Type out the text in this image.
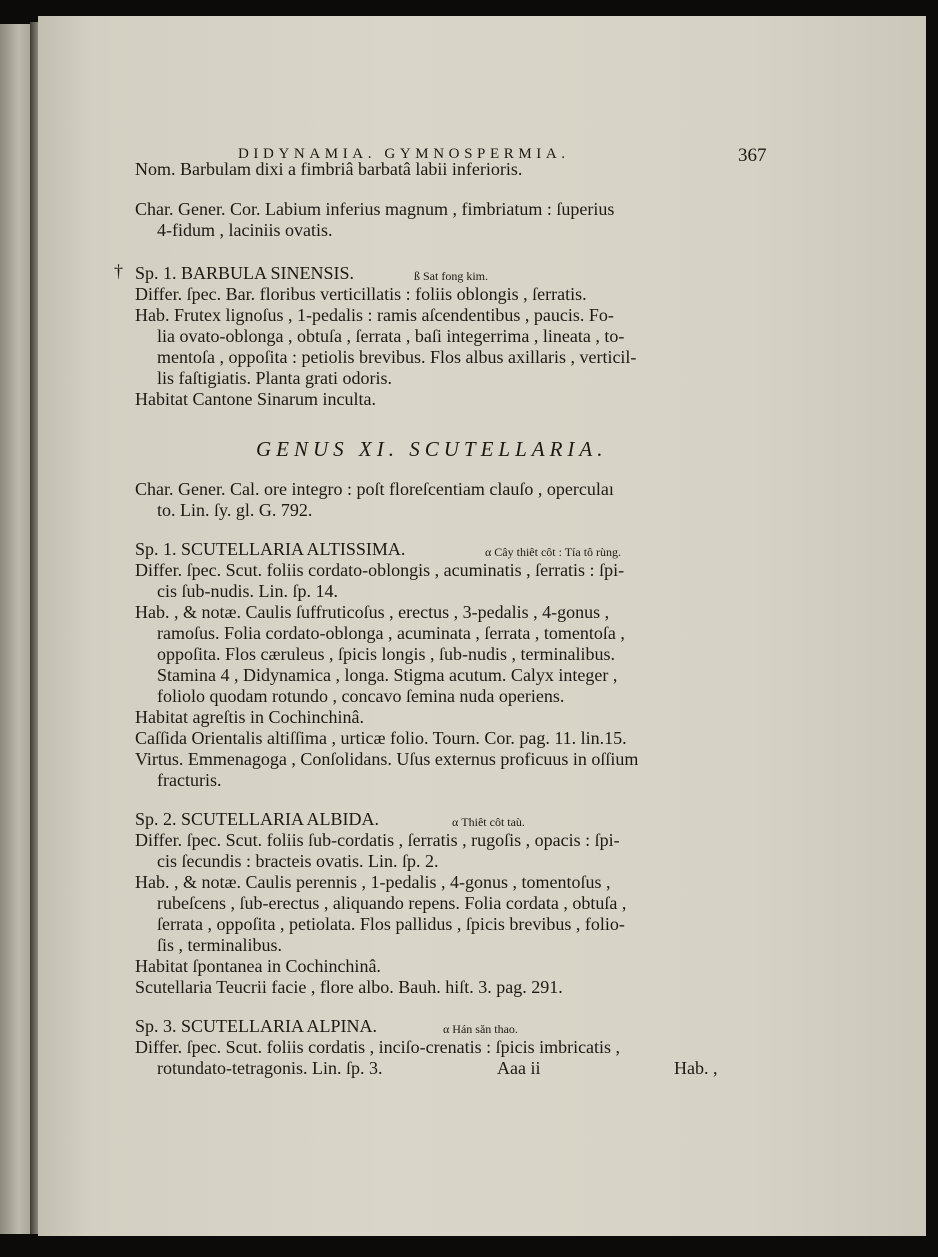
DIDYNAMIA. GYMNOSPERMIA.	367
Nom. Barbulam dixi a fimbriâ barbatâ labii inferioris.
Char. Gener. Cor. Labium inferius magnum , fimbriatum : ſuperius
4-fidum , laciniis ovatis.
† Sp. 1. BARBULA SINENSIS.	ß Sat fong kim.
Differ. ſpec. Bar. floribus verticillatis : foliis oblongis , ſerratis.
Hab. Frutex lignoſus , 1-pedalis : ramis aſcendentibus , paucis. Fo-
lia ovato-oblonga , obtuſa , ſerrata , baſi integerrima , lineata , to-
mentoſa , oppoſita : petiolis brevibus. Flos albus axillaris , verticil-
lis faſtigiatis. Planta grati odoris.
Habitat Cantone Sinarum inculta.
GENUS XI. SCUTELLARIA.
Char. Gener. Cal. ore integro : poſt floreſcentiam clauſo , operculaı
to. Lin. ſy. gl. G. 792.
Sp. 1. SCUTELLARIA ALTISSIMA.	α Cây thiêt côt : Tía tô rùng.
Differ. ſpec. Scut. foliis cordato-oblongis , acuminatis , ſerratis : ſpi-
cis ſub-nudis. Lin. ſp. 14.
Hab. , & notæ. Caulis ſuffruticoſus , erectus , 3-pedalis , 4-gonus ,
ramoſus. Folia cordato-oblonga , acuminata , ſerrata , tomentoſa ,
oppoſita. Flos cæruleus , ſpicis longis , ſub-nudis , terminalibus.
Stamina 4 , Didynamica , longa. Stigma acutum. Calyx integer ,
foliolo quodam rotundo , concavo ſemina nuda operiens.
Habitat agreſtis in Cochinchinâ.
Caſſida Orientalis altiſſima , urticæ folio. Tourn. Cor. pag. 11. lin.15.
Virtus. Emmenagoga , Conſolidans. Uſus externus proficuus in oſſium
fracturis.
Sp. 2. SCUTELLARIA ALBIDA.	α Thiêt côt taù.
Differ. ſpec. Scut. foliis ſub-cordatis , ſerratis , rugoſis , opacis : ſpi-
cis ſecundis : bracteis ovatis. Lin. ſp. 2.
Hab. , & notæ. Caulis perennis , 1-pedalis , 4-gonus , tomentoſus ,
rubeſcens , ſub-erectus , aliquando repens. Folia cordata , obtuſa ,
ſerrata , oppoſita , petiolata. Flos pallidus , ſpicis brevibus , folio-
ſis , terminalibus.
Habitat ſpontanea in Cochinchinâ.
Scutellaria Teucrii facie , flore albo. Bauh. hiſt. 3. pag. 291.
Sp. 3. SCUTELLARIA ALPINA.	α Hán săn thao.
Differ. ſpec. Scut. foliis cordatis , inciſo-crenatis : ſpicis imbricatis ,
rotundato-tetragonis. Lin. ſp. 3.	Aaa ii	Hab. ,
